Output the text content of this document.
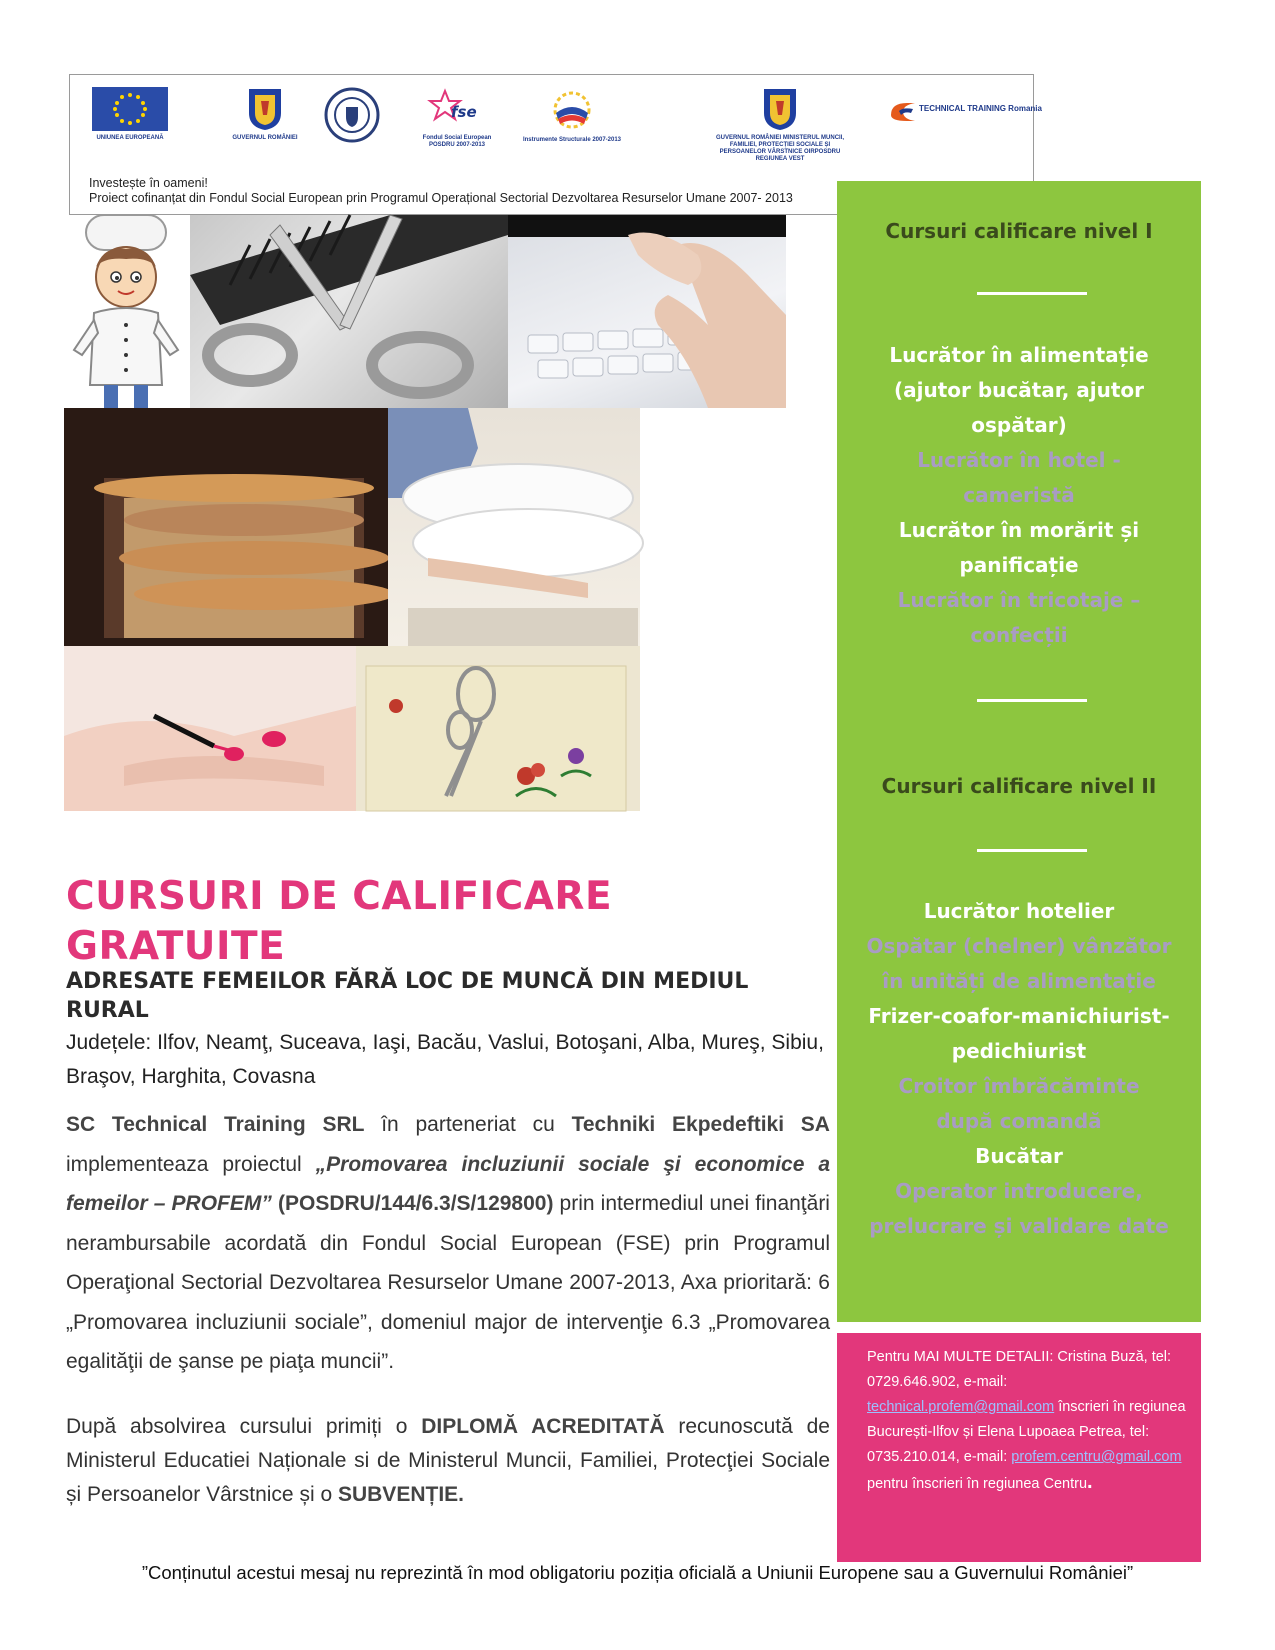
UNIUNEA EUROPEANĂ	GUVERNUL ROMÂNIEI
fse
Fondul Social European POSDRU 2007-2013
Instrumente Structurale 2007-2013	GUVERNUL ROMÂNIEI MINISTERUL MUNCII, FAMILIEI, PROTECȚIEI SOCIALE ȘI PERSOANELOR VÂRSTNICE OIRPOSDRU REGIUNEA VEST
TECHNICAL TRAINING Romania
Investește în oameni!
Proiect cofinanțat din Fondul Social European prin Programul Operațional Sectorial Dezvoltarea Resurselor Umane 2007- 2013
Cursuri calificare nivel I
Lucrător în alimentație (ajutor bucătar, ajutor ospătar)
Lucrător în hotel - cameristă
Lucrător în morărit și panificație
Lucrător în tricotaje – confecții
Cursuri calificare nivel II
Lucrător hotelier
Ospătar (chelner) vânzător în unități de alimentație
Frizer-coafor-manichiurist-pedichiurist
Croitor îmbrăcăminte după comandă
Bucătar
Operator introducere, prelucrare și validare date
Pentru MAI MULTE DETALII: Cristina Buză, tel: 0729.646.902, e-mail: technical.profem@gmail.com înscrieri în regiunea București-Ilfov și Elena Lupoaea Petrea, tel: 0735.210.014, e-mail: profem.centru@gmail.com pentru înscrieri în regiunea Centru.
CURSURI DE CALIFICARE GRATUITE
ADRESATE FEMEILOR FĂRĂ LOC DE MUNCĂ DIN MEDIUL RURAL
Județele: Ilfov, Neamţ, Suceava, Iaşi, Bacău, Vaslui, Botoşani, Alba, Mureş, Sibiu, Braşov, Harghita, Covasna
SC Technical Training SRL în parteneriat cu Techniki Ekpedeftiki SA implementeaza proiectul „Promovarea incluziunii sociale şi economice a femeilor – PROFEM” (POSDRU/144/6.3/S/129800) prin intermediul unei finanţări nerambursabile acordată din Fondul Social European (FSE) prin Programul Operaţional Sectorial Dezvoltarea Resurselor Umane 2007-2013, Axa prioritară: 6 „Promovarea incluziunii sociale”, domeniul major de intervenţie 6.3 „Promovarea egalităţii de şanse pe piaţa muncii”.
După absolvirea cursului primiți o DIPLOMĂ ACREDITATĂ recunoscută de Ministerul Educatiei Naționale si de Ministerul Muncii, Familiei, Protecţiei Sociale și Persoanelor Vârstnice și o SUBVENȚIE.
”Conținutul acestui mesaj nu reprezintă în mod obligatoriu poziția oficială a Uniunii Europene sau a Guvernului României”
